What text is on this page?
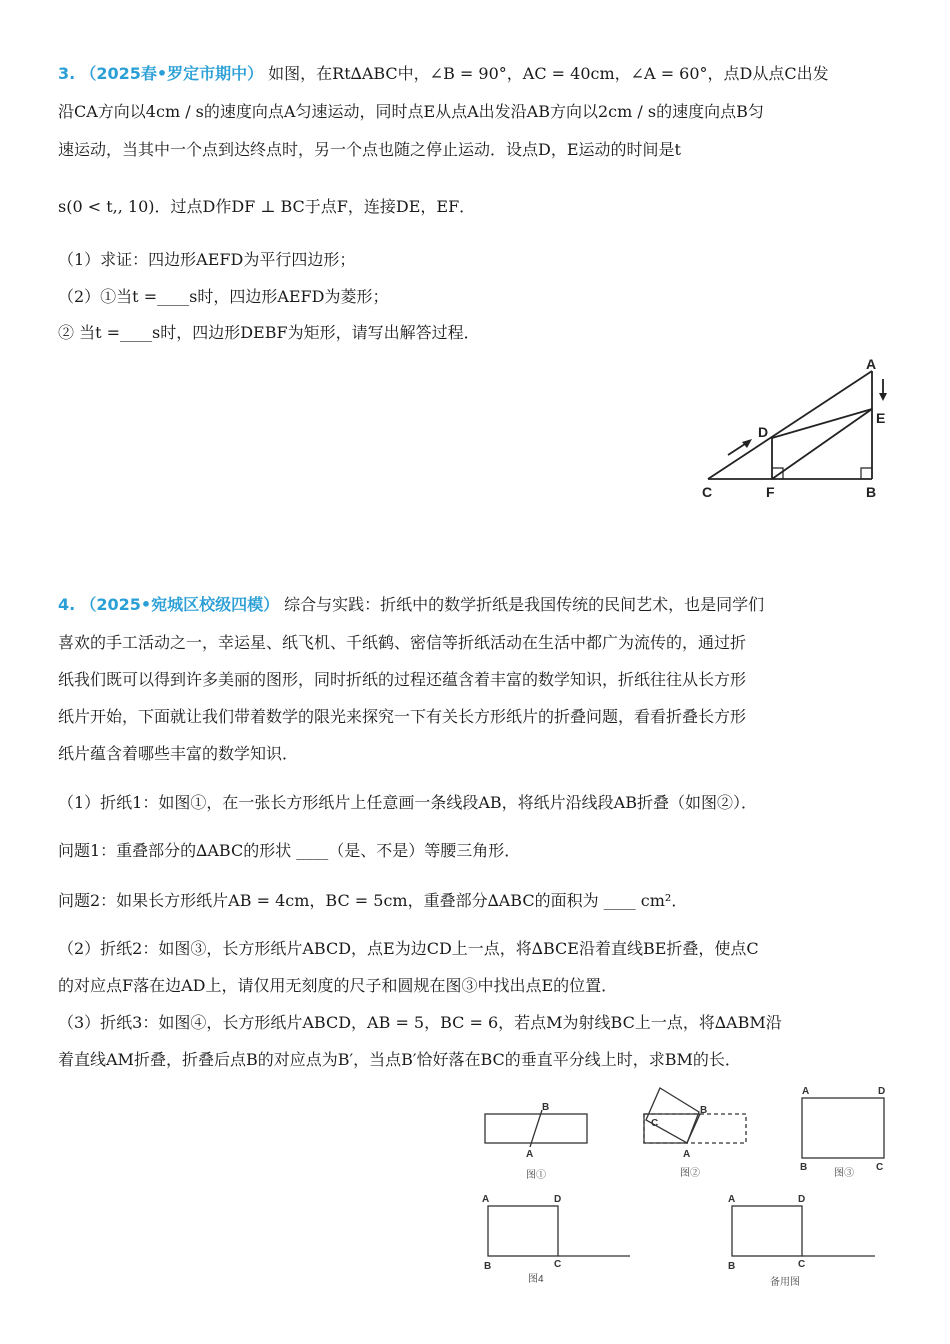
3. （2025春•罗定市期中） 如图，在Rt∆ABC中，∠B = 90°，AC = 40cm，∠A = 60°，点D从点C出发
沿CA方向以4cm / s的速度向点A匀速运动，同时点E从点A出发沿AB方向以2cm / s的速度向点B匀
速运动，当其中一个点到达终点时，另一个点也随之停止运动．设点D，E运动的时间是t
s(0 < t,, 10)．过点D作DF ⊥ BC于点F，连接DE，EF．
（1）求证：四边形AEFD为平行四边形；
（2）①当t =____s时，四边形AEFD为菱形；
② 当t =____s时，四边形DEBF为矩形，请写出解答过程．
A
E
D
C	F	B
4. （2025•宛城区校级四模） 综合与实践：折纸中的数学折纸是我国传统的民间艺术，也是同学们
喜欢的手工活动之一，幸运星、纸飞机、千纸鹤、密信等折纸活动在生活中都广为流传的，通过折
纸我们既可以得到许多美丽的图形，同时折纸的过程还蕴含着丰富的数学知识，折纸往往从长方形
纸片开始，下面就让我们带着数学的限光来探究一下有关长方形纸片的折叠问题，看看折叠长方形
纸片蕴含着哪些丰富的数学知识．
（1）折纸1：如图①，在一张长方形纸片上任意画一条线段AB，将纸片沿线段AB折叠（如图②）．
问题1：重叠部分的∆ABC的形状 ____（是、不是）等腰三角形．
问题2：如果长方形纸片AB = 4cm，BC = 5cm，重叠部分∆ABC的面积为 ____ cm²．
（2）折纸2：如图③，长方形纸片ABCD，点E为边CD上一点，将∆BCE沿着直线BE折叠，使点C
的对应点F落在边AD上，请仅用无刻度的尺子和圆规在图③中找出点E的位置．
（3）折纸3：如图④，长方形纸片ABCD，AB = 5，BC = 6，若点M为射线BC上一点，将∆ABM沿
着直线AM折叠，折叠后点B的对应点为B′，当点B′恰好落在BC的垂直平分线上时，求BM的长．
B
A
B
C
A
A	D
B	C
A	D
B	C
A	D
B	C
图①	图②	图③
图4	备用图
